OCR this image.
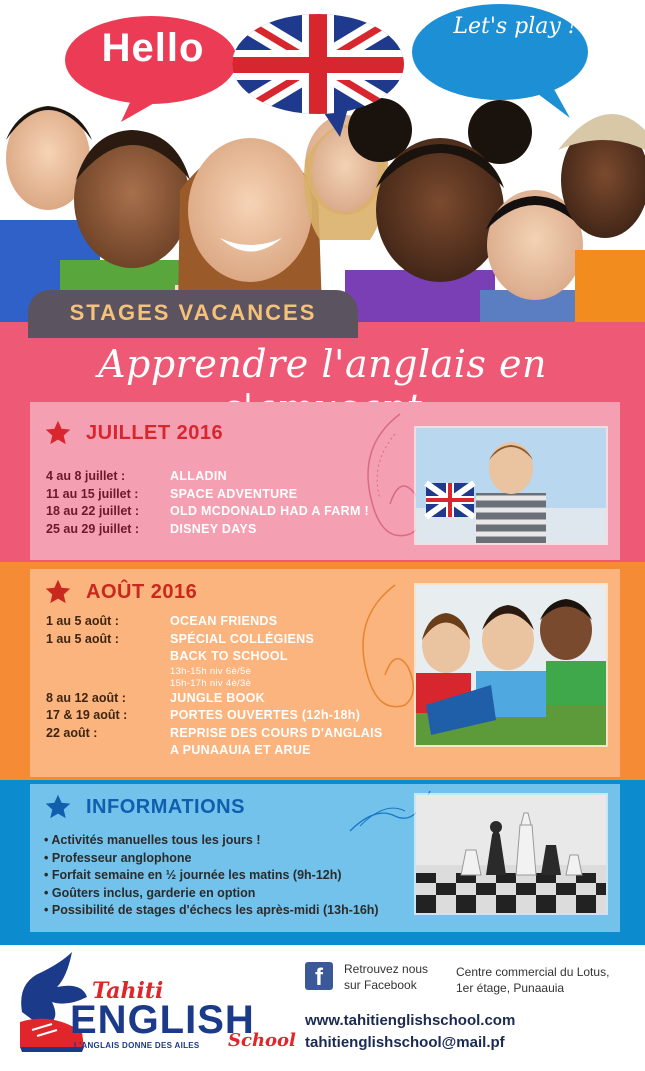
Hello	Let's play !
STAGES VACANCES
Apprendre l'anglais en
JUILLET 2016
4 au 8 juillet :	ALLADIN
11 au 15 juillet :	SPACE ADVENTURE
18 au 22 juillet :	OLD MCDONALD HAD A FARM !
25 au 29 juillet :	DISNEY DAYS
AOÛT 2016
1 au 5 août :	OCEAN FRIENDS
1 au 5 août :	SPÉCIAL COLLÉGIENS
BACK TO SCHOOL
13h-15h niv 6è/5è
15h-17h niv 4è/3è
8 au 12 août :	JUNGLE BOOK
17 & 19 août :	PORTES OUVERTES (12h-18h)
22 août :	REPRISE DES COURS D'ANGLAIS
A PUNAAUIA ET ARUE
INFORMATIONS
• Activités manuelles tous les jours !
• Professeur anglophone
• Forfait semaine en ½ journée les matins (9h-12h)
• Goûters inclus, garderie en option
• Possibilité de stages d'échecs les après-midi (13h-16h)
Tahiti
ENGLISH
School
L'ANGLAIS DONNE DES AILES
f	Retrouvez nous
sur Facebook
Centre commercial du Lotus,
1er étage, Punaauia
www.tahitienglishschool.com
tahitienglishschool@mail.pf
